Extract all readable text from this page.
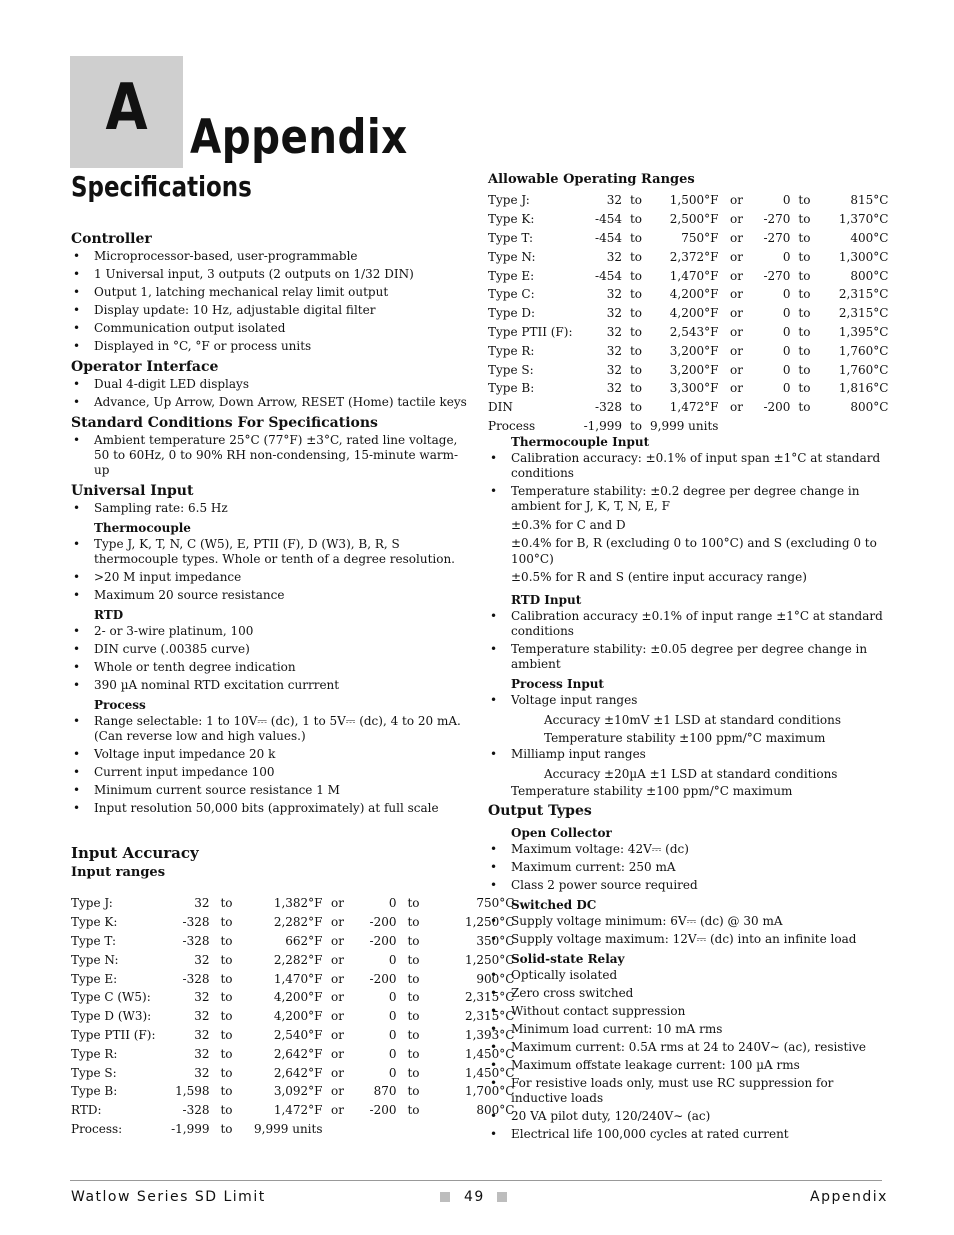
A Appendix
Specifications
Controller
• Microprocessor-based, user-programmable
• 1 Universal input, 3 outputs (2 outputs on 1/32 DIN)
• Output 1, latching mechanical relay limit output
• Display update: 10 Hz, adjustable digital filter
• Communication output isolated
• Displayed in °C, °F or process units
Operator Interface
• Dual 4-digit LED displays
• Advance, Up Arrow, Down Arrow, RESET (Home) tactile keys
Standard Conditions For Specifications
• Ambient temperature 25°C (77°F) ±3°C, rated line voltage, 50 to 60Hz, 0 to 90% RH non-condensing, 15-minute warm-up
Universal Input
• Sampling rate: 6.5 Hz
Thermocouple
• Type J, K, T, N, C (W5), E, PTII (F), D (W3), B, R, S thermocouple types. Whole or tenth of a degree resolution.
• >20 M input impedance
• Maximum 20 source resistance
RTD
• 2- or 3-wire platinum, 100
• DIN curve (.00385 curve)
• Whole or tenth degree indication
• 390 µA nominal RTD excitation currrent
Process
• Range selectable: 1 to 10V⎓ (dc), 1 to 5V⎓ (dc), 4 to 20 mA. (Can reverse low and high values.)
• Voltage input impedance 20 k
• Current input impedance 100
• Minimum current source resistance 1 M
• Input resolution 50,000 bits (approximately) at full scale
Input Accuracy
Input ranges
Type J:	32	to	1,382°F	or	0	to	750°C
Type K:	-328	to	2,282°F	or	-200	to	1,250°C
Type T:	-328	to	662°F	or	-200	to	350°C
Type N:	32	to	2,282°F	or	0	to	1,250°C
Type E:	-328	to	1,470°F	or	-200	to	900°C
Type C (W5):	32	to	4,200°F	or	0	to	2,315°C
Type D (W3):	32	to	4,200°F	or	0	to	2,315°C
Type PTII (F):	32	to	2,540°F	or	0	to	1,393°C
Type R:	32	to	2,642°F	or	0	to	1,450°C
Type S:	32	to	2,642°F	or	0	to	1,450°C
Type B:	1,598	to	3,092°F	or	870	to	1,700°C
RTD:	-328	to	1,472°F	or	-200	to	800°C
Process:	-1,999	to	9,999 units				
Allowable Operating Ranges
Type J:	32	to	1,500°F	or	0	to	815°C
Type K:	-454	to	2,500°F	or	-270	to	1,370°C
Type T:	-454	to	750°F	or	-270	to	400°C
Type N:	32	to	2,372°F	or	0	to	1,300°C
Type E:	-454	to	1,470°F	or	-270	to	800°C
Type C:	32	to	4,200°F	or	0	to	2,315°C
Type D:	32	to	4,200°F	or	0	to	2,315°C
Type PTII (F):	32	to	2,543°F	or	0	to	1,395°C
Type R:	32	to	3,200°F	or	0	to	1,760°C
Type S:	32	to	3,200°F	or	0	to	1,760°C
Type B:	32	to	3,300°F	or	0	to	1,816°C
DIN	-328	to	1,472°F	or	-200	to	800°C
Process	-1,999	to	9,999 units				
Thermocouple Input
• Calibration accuracy: ±0.1% of input span ±1°C at standard conditions
• Temperature stability: ±0.2 degree per degree change in ambient for J, K, T, N, E, F
±0.3% for C and D
±0.4% for B, R (excluding 0 to 100°C) and S (excluding 0 to 100°C)
±0.5% for R and S (entire input accuracy range)
RTD Input
• Calibration accuracy ±0.1% of input range ±1°C at standard conditions
• Temperature stability: ±0.05 degree per degree change in ambient
Process Input
• Voltage input ranges
Accuracy ±10mV ±1 LSD at standard conditions
Temperature stability ±100 ppm/°C maximum
• Milliamp input ranges
Accuracy ±20µA ±1 LSD at standard conditions
Temperature stability ±100 ppm/°C maximum
Output Types
Open Collector
• Maximum voltage: 42V⎓ (dc)
• Maximum current: 250 mA
• Class 2 power source required
Switched DC
• Supply voltage minimum: 6V⎓ (dc) @ 30 mA
• Supply voltage maximum: 12V⎓ (dc) into an infinite load
Solid-state Relay
• Optically isolated
• Zero cross switched
• Without contact suppression
• Minimum load current: 10 mA rms
• Maximum current: 0.5A rms at 24 to 240V∼ (ac), resistive
• Maximum offstate leakage current: 100 µA rms
• For resistive loads only, must use RC suppression for inductive loads
• 20 VA pilot duty, 120/240V∼ (ac)
• Electrical life 100,000 cycles at rated current
Watlow Series SD Limit	49	Appendix
